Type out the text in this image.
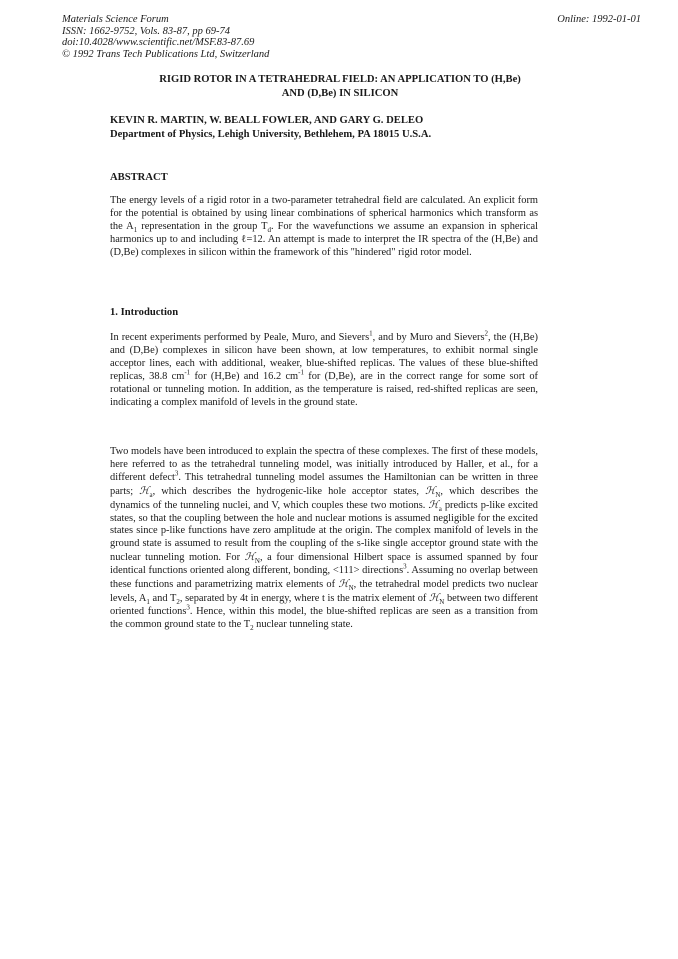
Materials Science Forum
ISSN: 1662-9752, Vols. 83-87, pp 69-74
doi:10.4028/www.scientific.net/MSF.83-87.69
© 1992 Trans Tech Publications Ltd, Switzerland
Online: 1992-01-01
RIGID ROTOR IN A TETRAHEDRAL FIELD: AN APPLICATION TO (H,Be)
AND (D,Be) IN SILICON
KEVIN R. MARTIN, W. BEALL FOWLER, AND GARY G. DELEO
Department of Physics, Lehigh University, Bethlehem, PA 18015 U.S.A.
ABSTRACT
The energy levels of a rigid rotor in a two-parameter tetrahedral field are calculated. An explicit form for the potential is obtained by using linear combinations of spherical harmonics which transform as the $A_1$ representation in the group $T_d$. For the wavefunctions we assume an expansion in spherical harmonics up to and including ℓ=12. An attempt is made to interpret the IR spectra of the (H,Be) and (D,Be) complexes in silicon within the framework of this "hindered" rigid rotor model.
1. Introduction
In recent experiments performed by Peale, Muro, and Sievers$^1$, and by Muro and Sievers$^2$, the (H,Be) and (D,Be) complexes in silicon have been shown, at low temperatures, to exhibit normal single acceptor lines, each with additional, weaker, blue-shifted replicas. The values of these blue-shifted replicas, 38.8 $cm^{-1}$ for (H,Be) and 16.2 $cm^{-1}$ for (D,Be), are in the correct range for some sort of rotational or tunneling motion. In addition, as the temperature is raised, red-shifted replicas are seen, indicating a complex manifold of levels in the ground state.
Two models have been introduced to explain the spectra of these complexes. The first of these models, here referred to as the tetrahedral tunneling model, was initially introduced by Haller, et al., for a different defect$^3$. This tetrahedral tunneling model assumes the Hamiltonian can be written in three parts; ℋ$_a$, which describes the hydrogenic-like hole acceptor states, ℋ$_N$, which describes the dynamics of the tunneling nuclei, and V, which couples these two motions. ℋ$_a$ predicts p-like excited states, so that the coupling between the hole and nuclear motions is assumed negligible for the excited states since p-like functions have zero amplitude at the origin. The complex manifold of levels in the ground state is assumed to result from the coupling of the s-like single acceptor ground state with the nuclear tunneling motion. For ℋ$_N$, a four dimensional Hilbert space is assumed spanned by four identical functions oriented along different, bonding, <111> directions$^3$. Assuming no overlap between these functions and parametrizing matrix elements of ℋ$_N$, the tetrahedral model predicts two nuclear levels, $A_1$ and $T_2$, separated by 4t in energy, where t is the matrix element of ℋ$_N$ between two different oriented functions$^3$. Hence, within this model, the blue-shifted replicas are seen as a transition from the common ground state to the $T_2$ nuclear tunneling state.
